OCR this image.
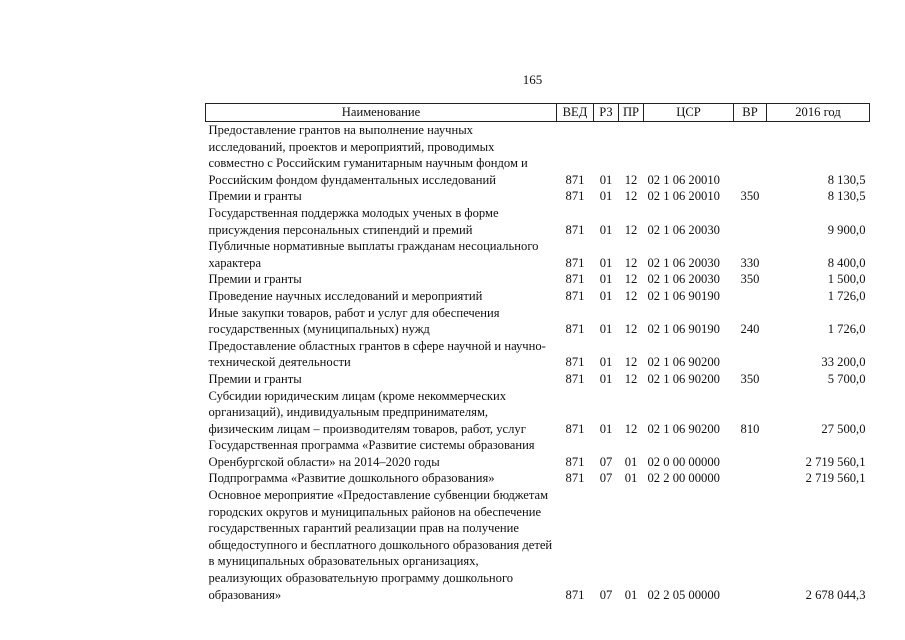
165
Наименование	ВЕД	РЗ	ПР	ЦСР	ВР	2016 год
Предоставление грантов на выполнение научных исследований, проектов и мероприятий, проводимых совместно с Российским гуманитарным научным фондом и Российским фондом фундаментальных исследований	871	01	12	02 1 06 20010		8 130,5
Премии и гранты	871	01	12	02 1 06 20010	350	8 130,5
Государственная поддержка молодых ученых в форме присуждения персональных стипендий и премий	871	01	12	02 1 06 20030		9 900,0
Публичные нормативные выплаты гражданам несоциального характера	871	01	12	02 1 06 20030	330	8 400,0
Премии и гранты	871	01	12	02 1 06 20030	350	1 500,0
Проведение научных исследований и мероприятий	871	01	12	02 1 06 90190		1 726,0
Иные закупки товаров, работ и услуг для обеспечения государственных (муниципальных) нужд	871	01	12	02 1 06 90190	240	1 726,0
Предоставление областных грантов в сфере научной и научно-технической деятельности	871	01	12	02 1 06 90200		33 200,0
Премии и гранты	871	01	12	02 1 06 90200	350	5 700,0
Субсидии юридическим лицам (кроме некоммерческих организаций), индивидуальным предпринимателям, физическим лицам – производителям товаров, работ, услуг	871	01	12	02 1 06 90200	810	27 500,0
Государственная программа «Развитие системы образования Оренбургской области» на 2014–2020 годы	871	07	01	02 0 00 00000		2 719 560,1
Подпрограмма «Развитие дошкольного образования»	871	07	01	02 2 00 00000		2 719 560,1
Основное мероприятие «Предоставление субвенции бюджетам городских округов и муниципальных районов на обеспечение государственных гарантий реализации прав на получение общедоступного и бесплатного дошкольного образования детей в муниципальных образовательных организациях, реализующих образовательную программу дошкольного образования»	871	07	01	02 2 05 00000		2 678 044,3
